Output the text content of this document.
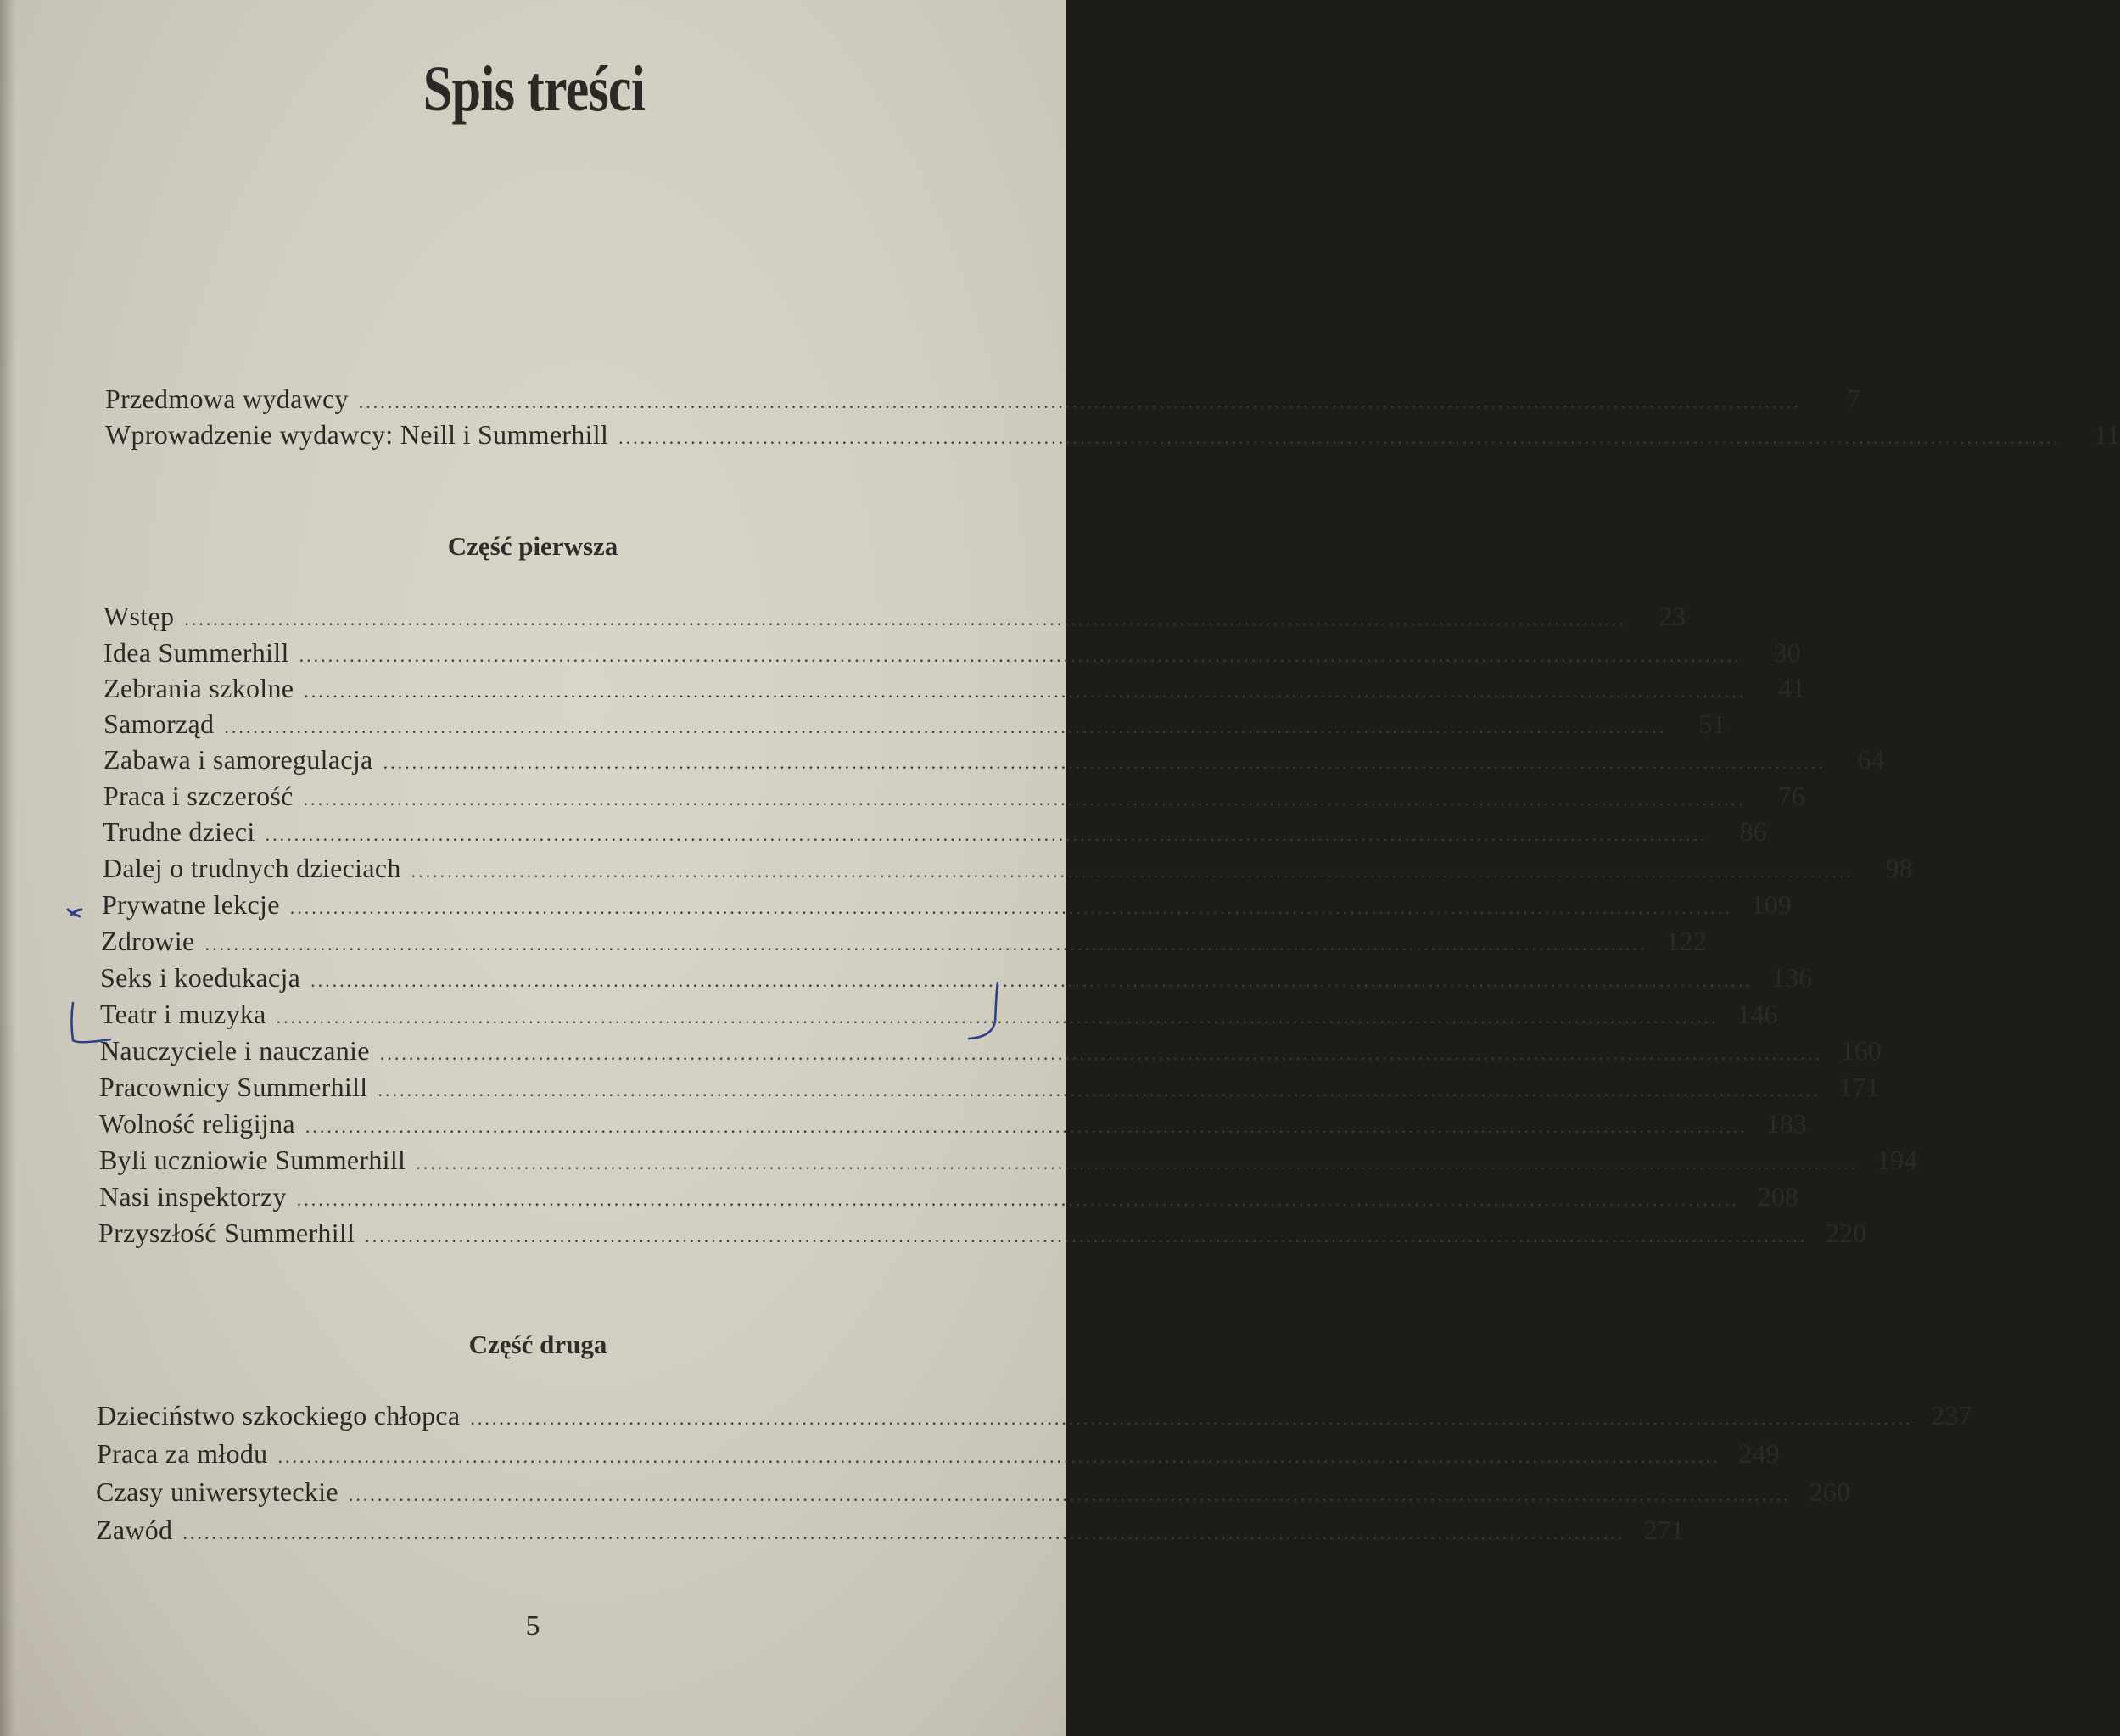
Spis treści
Przedmowa wydawcy ........................................................................................................................................................................................................	7
Wprowadzenie wydawcy: Neill i Summerhill ........................................................................................................................................................................................................	11
Część pierwsza
Wstęp ........................................................................................................................................................................................................	23
Idea Summerhill ........................................................................................................................................................................................................	30
Zebrania szkolne ........................................................................................................................................................................................................	41
Samorząd ........................................................................................................................................................................................................	51
Zabawa i samoregulacja ........................................................................................................................................................................................................	64
Praca i szczerość ........................................................................................................................................................................................................	76
Trudne dzieci ........................................................................................................................................................................................................	86
Dalej o trudnych dzieciach ........................................................................................................................................................................................................	98
Prywatne lekcje ........................................................................................................................................................................................................ 109
Zdrowie ........................................................................................................................................................................................................ 122
Seks i koedukacja ........................................................................................................................................................................................................ 136
Teatr i muzyka ........................................................................................................................................................................................................ 146
Nauczyciele i nauczanie ........................................................................................................................................................................................................ 160
Pracownicy Summerhill ........................................................................................................................................................................................................ 171
Wolność religijna ........................................................................................................................................................................................................ 183
Byli uczniowie Summerhill ........................................................................................................................................................................................................ 194
Nasi inspektorzy ........................................................................................................................................................................................................ 208
Przyszłość Summerhill ........................................................................................................................................................................................................ 220
Część druga
Dzieciństwo szkockiego chłopca ........................................................................................................................................................................................................ 237
Praca za młodu ........................................................................................................................................................................................................ 249
Czasy uniwersyteckie ........................................................................................................................................................................................................ 260
Zawód ........................................................................................................................................................................................................ 271
5
